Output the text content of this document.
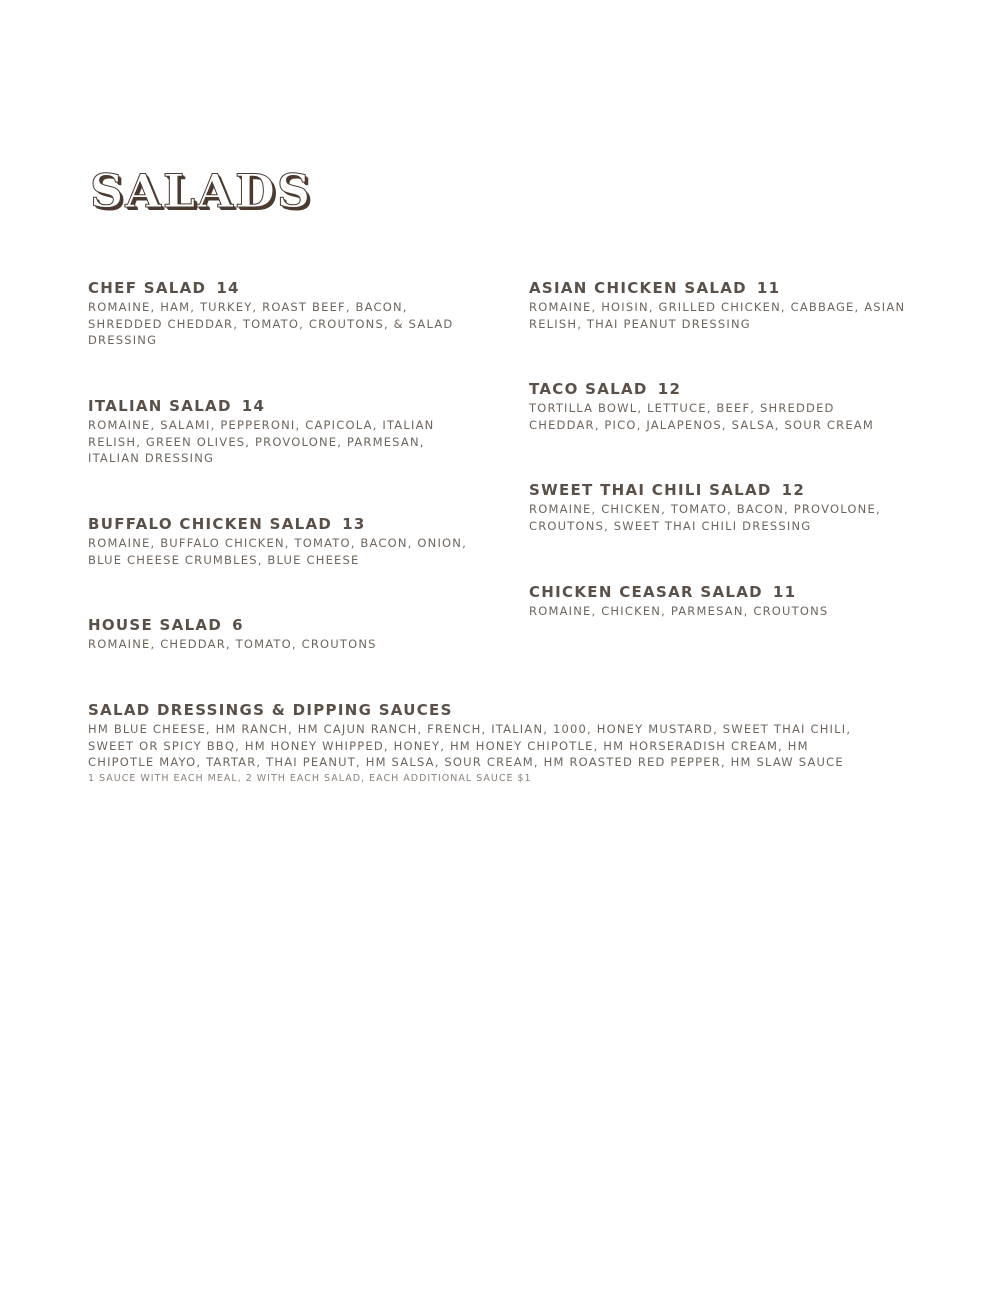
SALADS
CHEF SALAD 14
ROMAINE, HAM, TURKEY, ROAST BEEF, BACON, SHREDDED CHEDDAR, TOMATO, CROUTONS, & SALAD DRESSING
ITALIAN SALAD 14
ROMAINE, SALAMI, PEPPERONI, CAPICOLA, ITALIAN RELISH, GREEN OLIVES, PROVOLONE, PARMESAN, ITALIAN DRESSING
BUFFALO CHICKEN SALAD 13
ROMAINE, BUFFALO CHICKEN, TOMATO, BACON, ONION, BLUE CHEESE CRUMBLES, BLUE CHEESE
HOUSE SALAD 6
ROMAINE, CHEDDAR, TOMATO, CROUTONS
ASIAN CHICKEN SALAD 11
ROMAINE, HOISIN, GRILLED CHICKEN, CABBAGE, ASIAN RELISH, THAI PEANUT DRESSING
TACO SALAD 12
TORTILLA BOWL, LETTUCE, BEEF, SHREDDED CHEDDAR, PICO, JALAPENOS, SALSA, SOUR CREAM
SWEET THAI CHILI SALAD 12
ROMAINE, CHICKEN, TOMATO, BACON, PROVOLONE, CROUTONS, SWEET THAI CHILI DRESSING
CHICKEN CEASAR SALAD 11
ROMAINE, CHICKEN, PARMESAN, CROUTONS
SALAD DRESSINGS & DIPPING SAUCES
HM BLUE CHEESE, HM RANCH, HM CAJUN RANCH, FRENCH, ITALIAN, 1000, HONEY MUSTARD, SWEET THAI CHILI, SWEET OR SPICY BBQ, HM HONEY WHIPPED, HONEY, HM HONEY CHIPOTLE, HM HORSERADISH CREAM, HM CHIPOTLE MAYO, TARTAR, THAI PEANUT, HM SALSA, SOUR CREAM, HM ROASTED RED PEPPER, HM SLAW SAUCE
1 SAUCE WITH EACH MEAL, 2 WITH EACH SALAD, EACH ADDITIONAL SAUCE $1
